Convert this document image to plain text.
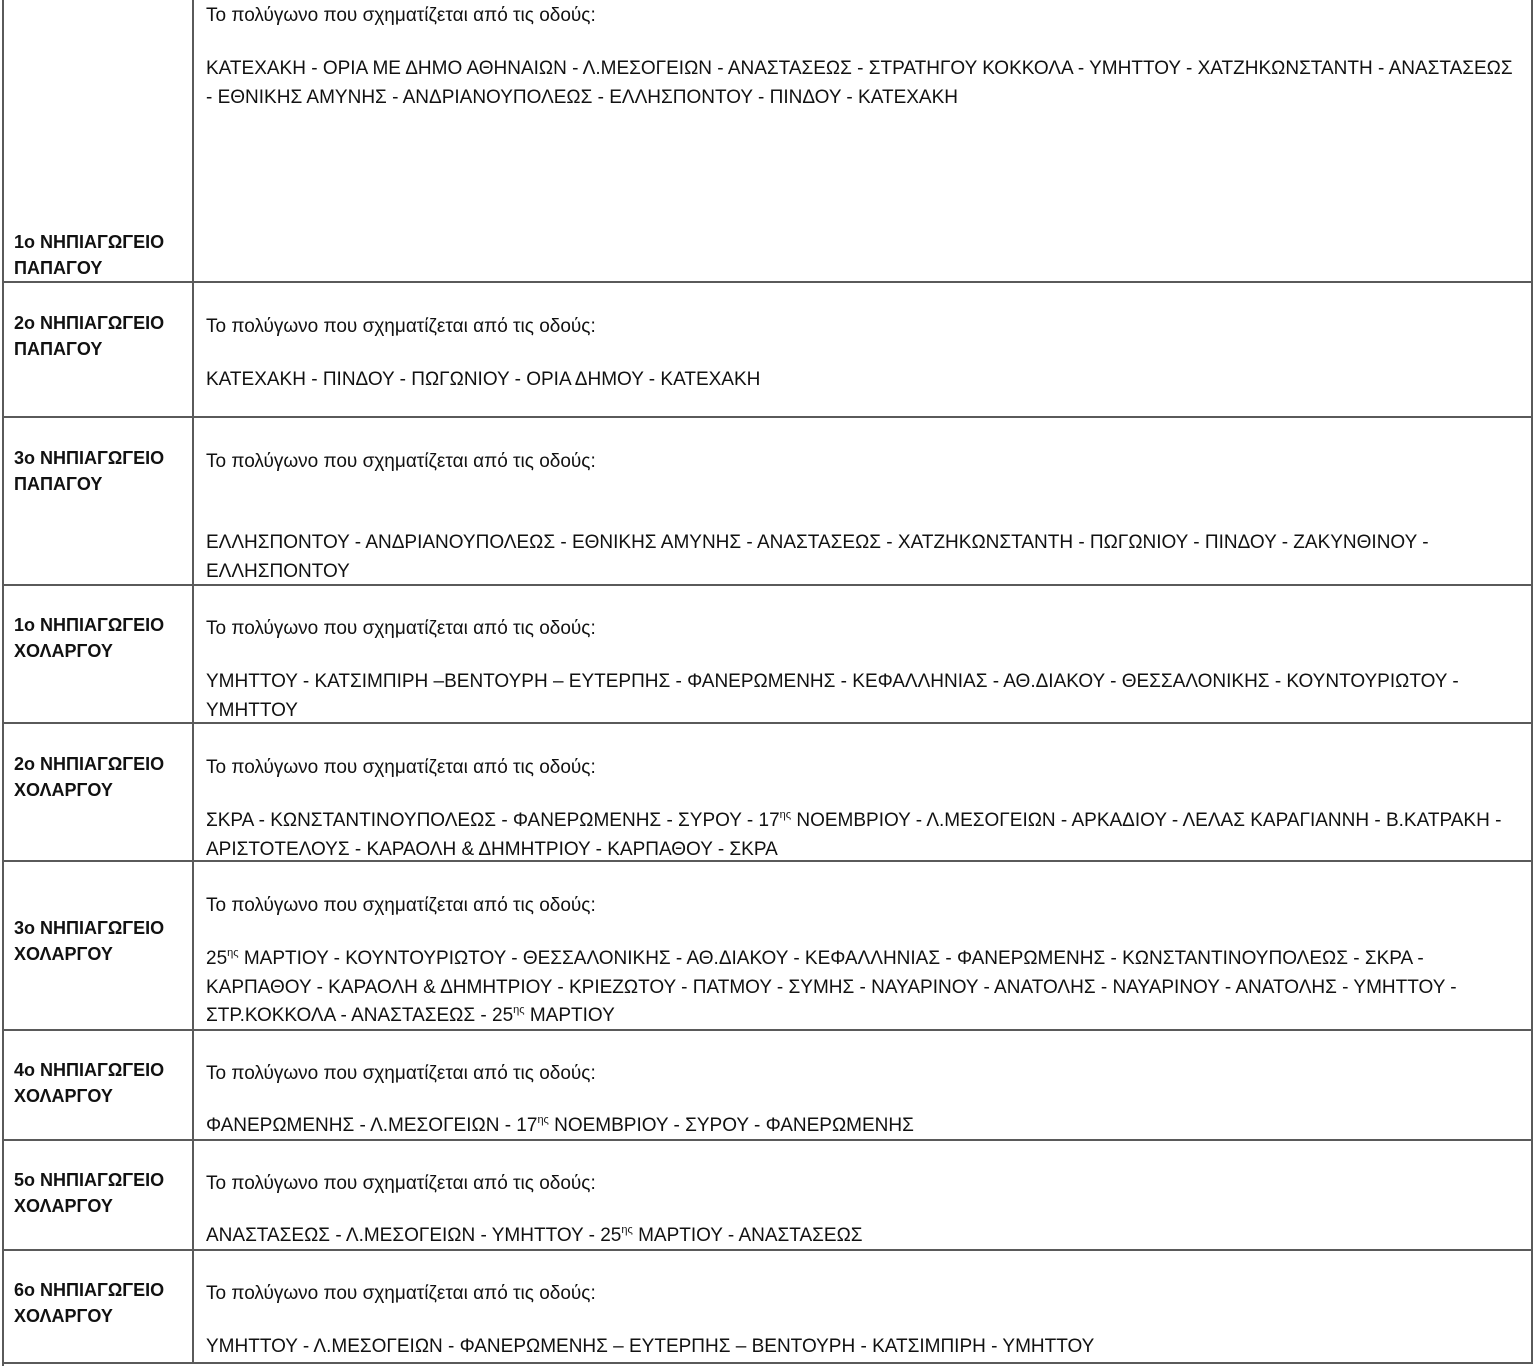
1ο ΝΗΠΙΑΓΩΓΕΙΟ ΠΑΠΑΓΟΥ
Το πολύγωνο που σχηματίζεται από τις οδούς:
ΚΑΤΕΧΑΚΗ - ΟΡΙΑ ΜΕ ΔΗΜΟ ΑΘΗΝΑΙΩΝ - Λ.ΜΕΣΟΓΕΙΩΝ - ΑΝΑΣΤΑΣΕΩΣ - ΣΤΡΑΤΗΓΟΥ ΚΟΚΚΟΛΑ - ΥΜΗΤΤΟΥ - ΧΑΤΖΗΚΩΝΣΤΑΝΤΗ - ΑΝΑΣΤΑΣΕΩΣ - ΕΘΝΙΚΗΣ ΑΜΥΝΗΣ - ΑΝΔΡΙΑΝΟΥΠΟΛΕΩΣ - ΕΛΛΗΣΠΟΝΤΟΥ - ΠΙΝΔΟΥ - ΚΑΤΕΧΑΚΗ
2ο ΝΗΠΙΑΓΩΓΕΙΟ ΠΑΠΑΓΟΥ
Το πολύγωνο που σχηματίζεται από τις οδούς:
ΚΑΤΕΧΑΚΗ - ΠΙΝΔΟΥ - ΠΩΓΩΝΙΟΥ - ΟΡΙΑ ΔΗΜΟΥ - ΚΑΤΕΧΑΚΗ
3ο ΝΗΠΙΑΓΩΓΕΙΟ ΠΑΠΑΓΟΥ
Το πολύγωνο που σχηματίζεται από τις οδούς:
ΕΛΛΗΣΠΟΝΤΟΥ - ΑΝΔΡΙΑΝΟΥΠΟΛΕΩΣ - ΕΘΝΙΚΗΣ ΑΜΥΝΗΣ - ΑΝΑΣΤΑΣΕΩΣ - ΧΑΤΖΗΚΩΝΣΤΑΝΤΗ - ΠΩΓΩΝΙΟΥ - ΠΙΝΔΟΥ - ΖΑΚΥΝΘΙΝΟΥ - ΕΛΛΗΣΠΟΝΤΟΥ
1ο ΝΗΠΙΑΓΩΓΕΙΟ ΧΟΛΑΡΓΟΥ
Το πολύγωνο που σχηματίζεται από τις οδούς:
ΥΜΗΤΤΟΥ - ΚΑΤΣΙΜΠΙΡΗ –ΒΕΝΤΟΥΡΗ – ΕΥΤΕΡΠΗΣ - ΦΑΝΕΡΩΜΕΝΗΣ - ΚΕΦΑΛΛΗΝΙΑΣ - ΑΘ.ΔΙΑΚΟΥ - ΘΕΣΣΑΛΟΝΙΚΗΣ - ΚΟΥΝΤΟΥΡΙΩΤΟΥ - ΥΜΗΤΤΟΥ
2ο ΝΗΠΙΑΓΩΓΕΙΟ ΧΟΛΑΡΓΟΥ
Το πολύγωνο που σχηματίζεται από τις οδούς:
ΣΚΡΑ - ΚΩΝΣΤΑΝΤΙΝΟΥΠΟΛΕΩΣ - ΦΑΝΕΡΩΜΕΝΗΣ - ΣΥΡΟΥ - $17^{\eta\varsigma}$ ΝΟΕΜΒΡΙΟΥ - Λ.ΜΕΣΟΓΕΙΩΝ - ΑΡΚΑΔΙΟΥ - ΛΕΛΑΣ ΚΑΡΑΓΙΑΝΝΗ - Β.ΚΑΤΡΑΚΗ - ΑΡΙΣΤΟΤΕΛΟΥΣ - ΚΑΡΑΟΛΗ & ΔΗΜΗΤΡΙΟΥ - ΚΑΡΠΑΘΟΥ - ΣΚΡΑ
3ο ΝΗΠΙΑΓΩΓΕΙΟ ΧΟΛΑΡΓΟΥ
Το πολύγωνο που σχηματίζεται από τις οδούς:
$25^{\eta\varsigma}$ ΜΑΡΤΙΟΥ - ΚΟΥΝΤΟΥΡΙΩΤΟΥ - ΘΕΣΣΑΛΟΝΙΚΗΣ - ΑΘ.ΔΙΑΚΟΥ - ΚΕΦΑΛΛΗΝΙΑΣ - ΦΑΝΕΡΩΜΕΝΗΣ - ΚΩΝΣΤΑΝΤΙΝΟΥΠΟΛΕΩΣ - ΣΚΡΑ - ΚΑΡΠΑΘΟΥ - ΚΑΡΑΟΛΗ & ΔΗΜΗΤΡΙΟΥ - ΚΡΙΕΖΩΤΟΥ - ΠΑΤΜΟΥ - ΣΥΜΗΣ - ΝΑΥΑΡΙΝΟΥ - ΑΝΑΤΟΛΗΣ - ΝΑΥΑΡΙΝΟΥ - ΑΝΑΤΟΛΗΣ - ΥΜΗΤΤΟΥ - ΣΤΡ.ΚΟΚΚΟΛΑ - ΑΝΑΣΤΑΣΕΩΣ - $25^{\eta\varsigma}$ ΜΑΡΤΙΟΥ
4ο ΝΗΠΙΑΓΩΓΕΙΟ ΧΟΛΑΡΓΟΥ
Το πολύγωνο που σχηματίζεται από τις οδούς:
ΦΑΝΕΡΩΜΕΝΗΣ - $\Lambda.ME\Sigma O\Gamma EI\Omega N - 17^{\eta\varsigma}$ ΝΟΕΜΒΡΙΟΥ - ΣΥΡΟΥ - ΦΑΝΕΡΩΜΕΝΗΣ
5ο ΝΗΠΙΑΓΩΓΕΙΟ ΧΟΛΑΡΓΟΥ
Το πολύγωνο που σχηματίζεται από τις οδούς:
ΑΝΑΣΤΑΣΕΩΣ - Λ.ΜΕΣΟΓΕΙΩΝ - ΥΜΗΤΤΟΥ - $25^{\eta\varsigma}$ ΜΑΡΤΙΟΥ - ΑΝΑΣΤΑΣΕΩΣ
6ο ΝΗΠΙΑΓΩΓΕΙΟ ΧΟΛΑΡΓΟΥ
Το πολύγωνο που σχηματίζεται από τις οδούς:
ΥΜΗΤΤΟΥ - Λ.ΜΕΣΟΓΕΙΩΝ - ΦΑΝΕΡΩΜΕΝΗΣ – ΕΥΤΕΡΠΗΣ – ΒΕΝΤΟΥΡΗ - ΚΑΤΣΙΜΠΙΡΗ - ΥΜΗΤΤΟΥ
